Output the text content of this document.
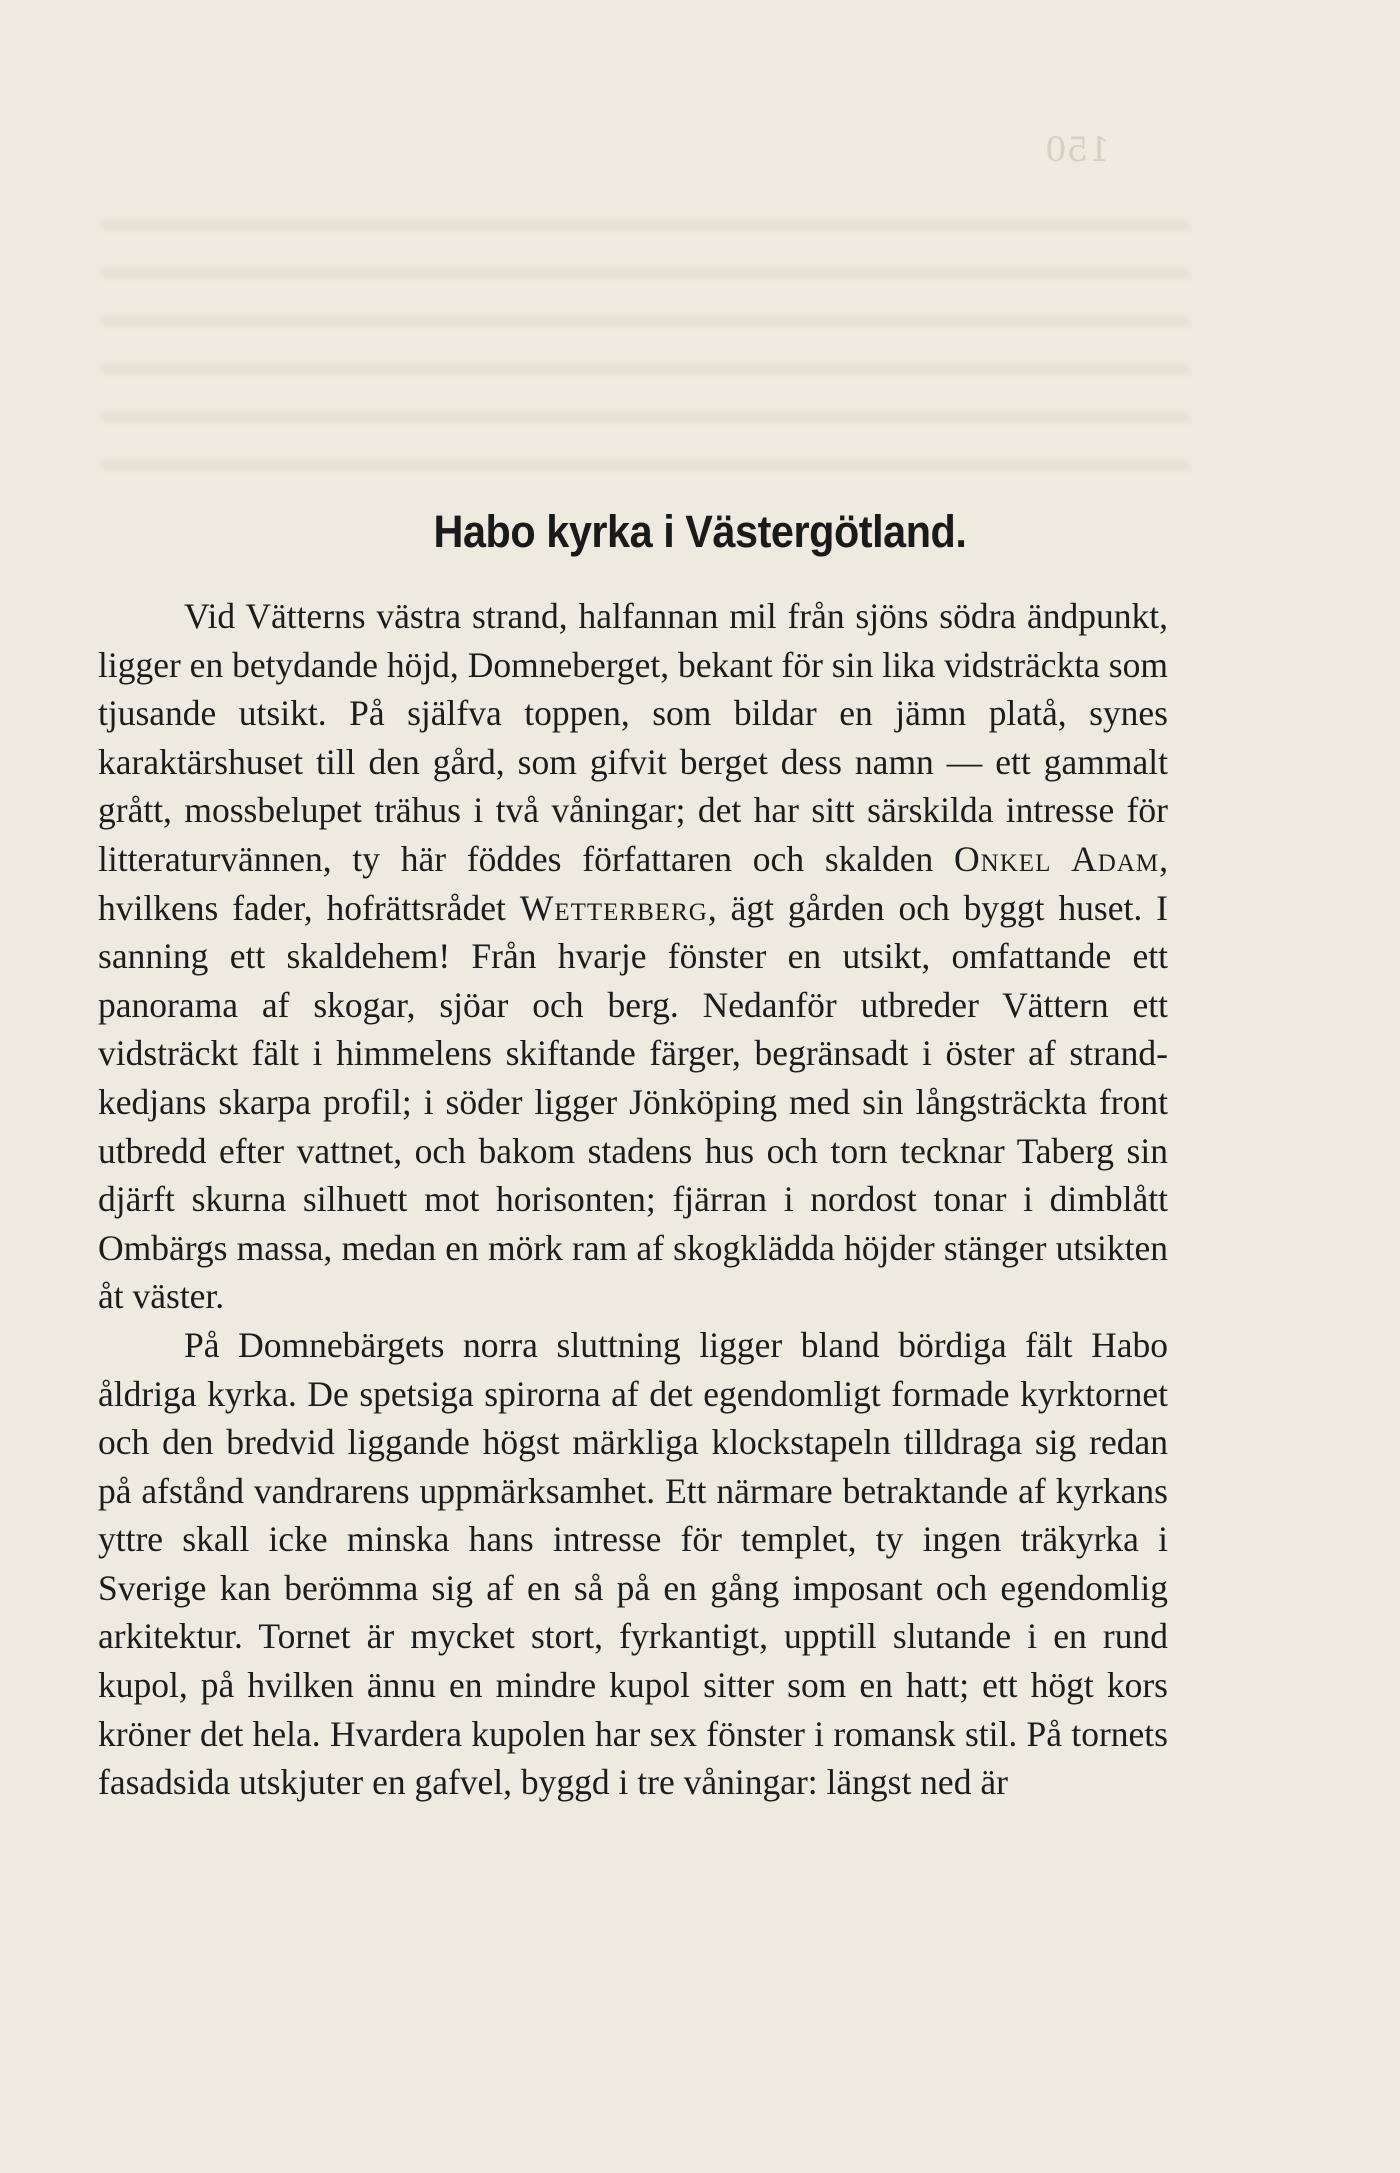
150
Habo kyrka i Västergötland.

Vid Vätterns västra strand, halfannan mil från sjöns södra ändpunkt, ligger en betydande höjd, Domneberget, bekant för sin lika vidsträckta som tjusande utsikt. På själfva toppen, som bildar en jämn platå, synes karaktärshuset till den gård, som gifvit berget dess namn — ett gammalt grått, mossbelupet trähus i två våningar; det har sitt särskilda intresse för litteraturvännen, ty här föddes författaren och skalden Onkel Adam, hvilkens fader, hofrättsrådet Wetterberg, ägt gården och byggt huset. I sanning ett skaldehem! Från hvarje fönster en utsikt, omfattande ett panorama af skogar, sjöar och berg. Nedanför utbreder Vättern ett vidsträckt fält i himmelens skiftande färger, begränsadt i öster af strand-kedjans skarpa profil; i söder ligger Jönköping med sin långsträckta front utbredd efter vattnet, och bakom stadens hus och torn tecknar Taberg sin djärft skurna silhuett mot horisonten; fjärran i nordost tonar i dimblått Ombärgs massa, medan en mörk ram af skogklädda höjder stänger utsikten åt väster.

På Domnebärgets norra sluttning ligger bland bördiga fält Habo åldriga kyrka. De spetsiga spirorna af det egendomligt formade kyrktornet och den bredvid liggande högst märkliga klockstapeln tilldraga sig redan på afstånd vandrarens uppmärksamhet. Ett närmare betraktande af kyrkans yttre skall icke minska hans intresse för templet, ty ingen träkyrka i Sverige kan berömma sig af en så på en gång imposant och egendomlig arkitektur. Tornet är mycket stort, fyrkantigt, upptill slutande i en rund kupol, på hvilken ännu en mindre kupol sitter som en hatt; ett högt kors kröner det hela. Hvardera kupolen har sex fönster i romansk stil. På tornets fasadsida utskjuter en gafvel, byggd i tre våningar: längst ned är
